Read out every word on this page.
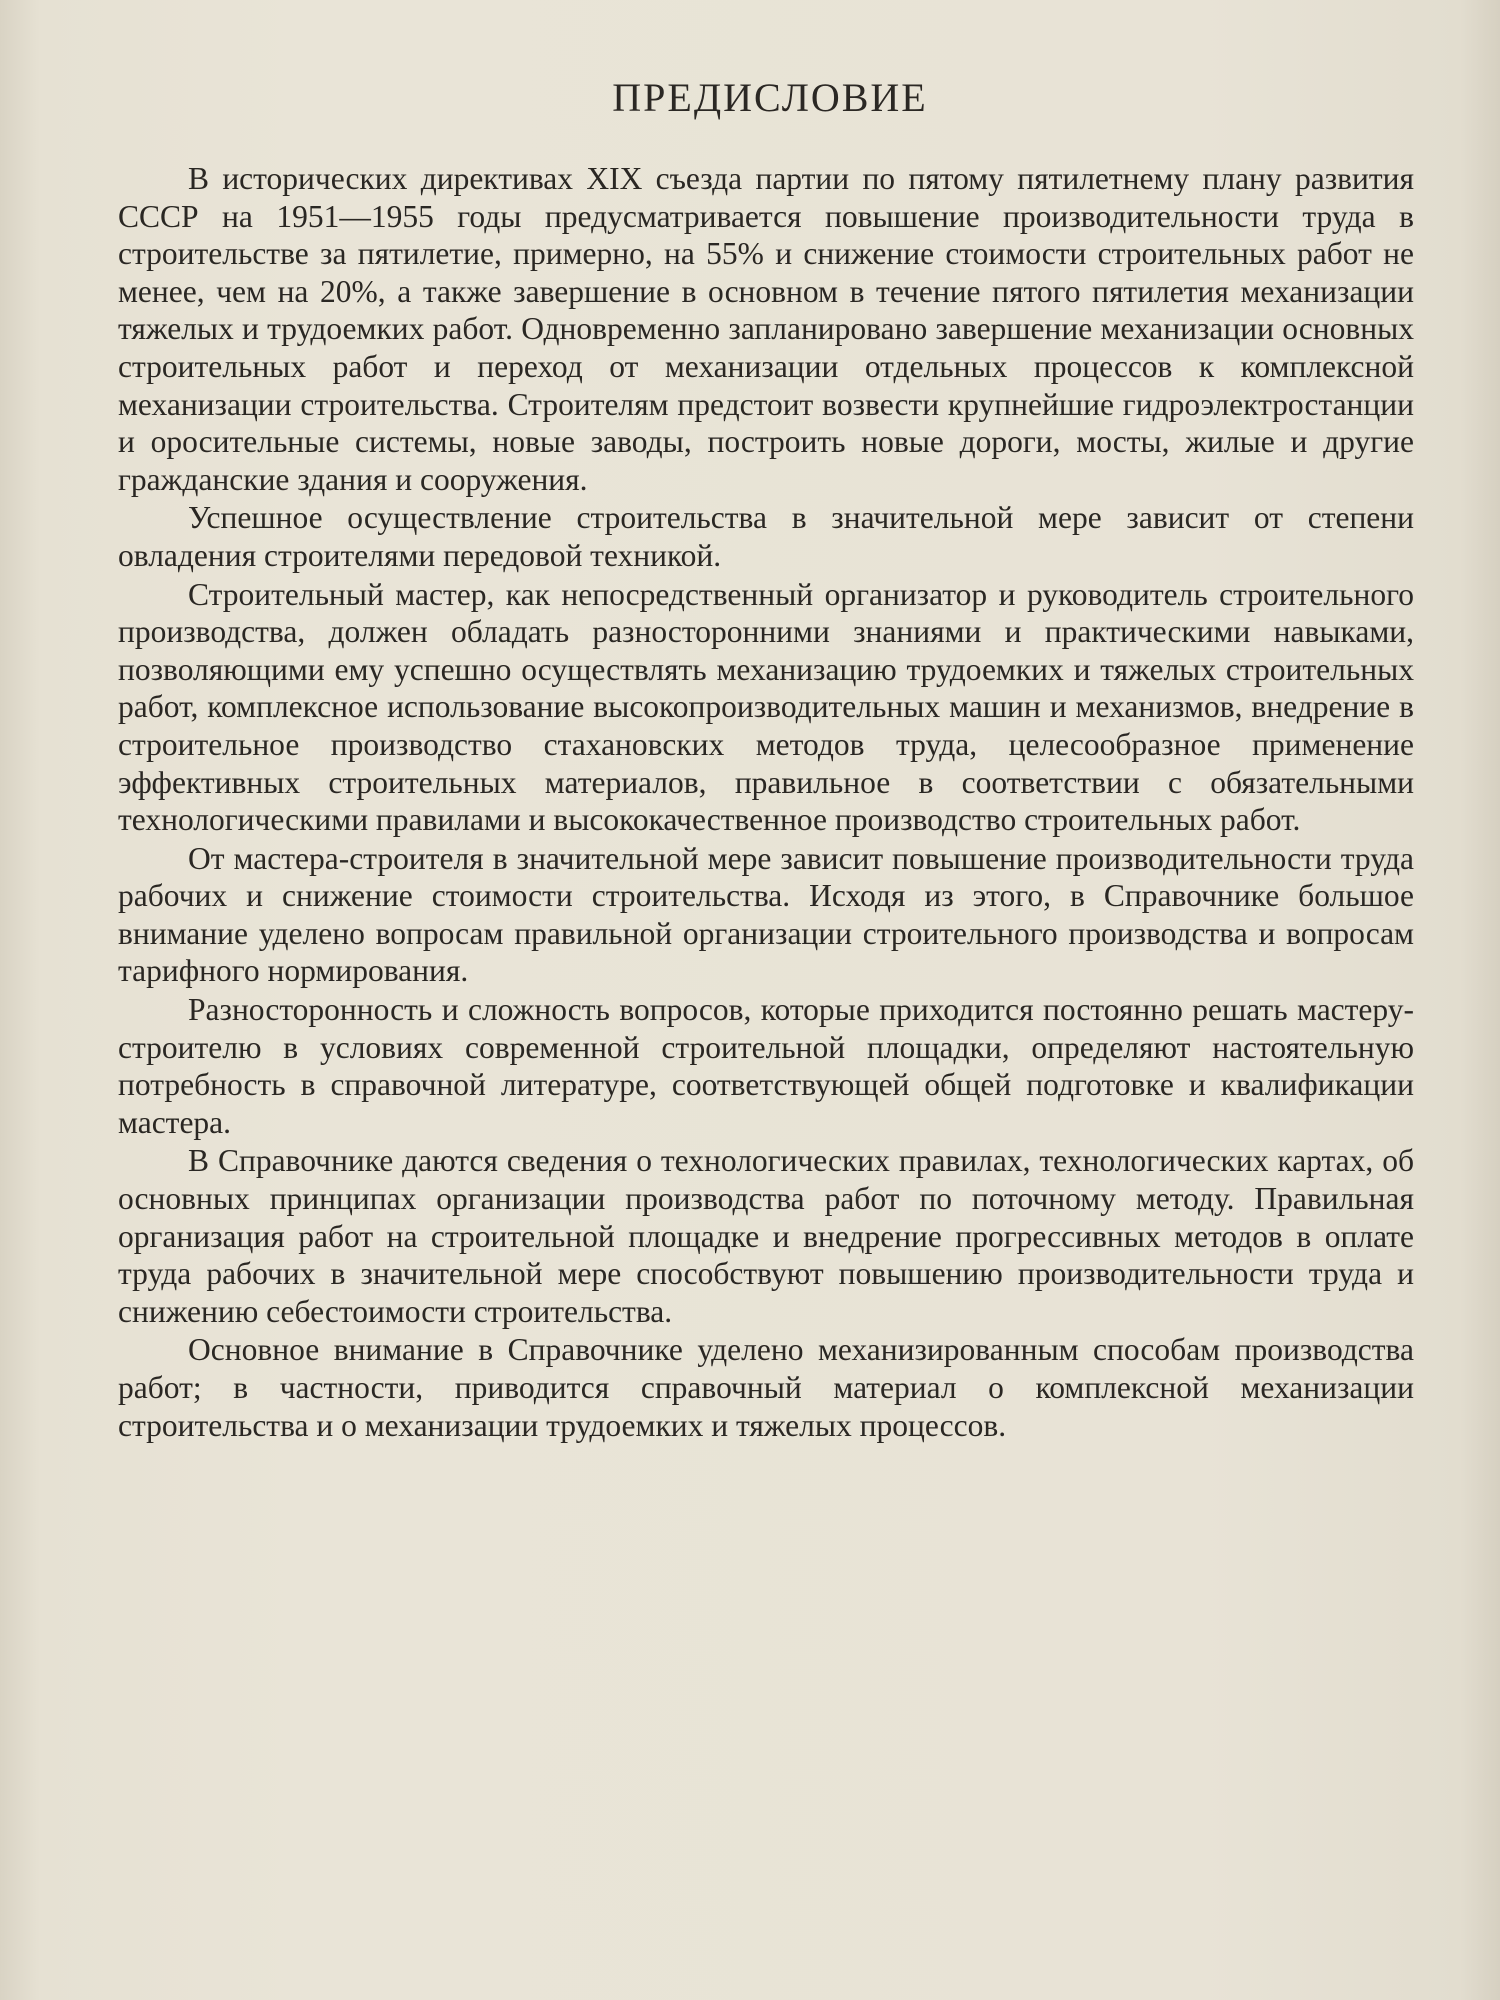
ПРЕДИСЛОВИЕ

В исторических директивах XIX съезда партии по пятому пятилетнему плану развития СССР на 1951—1955 годы предусматривается повышение производительности труда в строительстве за пятилетие, примерно, на 55% и снижение стоимости строительных работ не менее, чем на 20%, а также завершение в основном в течение пятого пятилетия механизации тяжелых и трудоемких работ. Одновременно запланировано завершение механизации основных строительных работ и переход от механизации отдельных процессов к комплексной механизации строительства. Строителям предстоит возвести крупнейшие гидроэлектростанции и оросительные системы, новые заводы, построить новые дороги, мосты, жилые и другие гражданские здания и сооружения.

Успешное осуществление строительства в значительной мере зависит от степени овладения строителями передовой техникой.

Строительный мастер, как непосредственный организатор и руководитель строительного производства, должен обладать разносторонними знаниями и практическими навыками, позволяющими ему успешно осуществлять механизацию трудоемких и тяжелых строительных работ, комплексное использование высокопроизводительных машин и механизмов, внедрение в строительное производство стахановских методов труда, целесообразное применение эффективных строительных материалов, правильное в соответствии с обязательными технологическими правилами и высококачественное производство строительных работ.

От мастера-строителя в значительной мере зависит повышение производительности труда рабочих и снижение стоимости строительства. Исходя из этого, в Справочнике большое внимание уделено вопросам правильной организации строительного производства и вопросам тарифного нормирования.

Разносторонность и сложность вопросов, которые приходится постоянно решать мастеру-строителю в условиях современной строительной площадки, определяют настоятельную потребность в справочной литературе, соответствующей общей подготовке и квалификации мастера.

В Справочнике даются сведения о технологических правилах, технологических картах, об основных принципах организации производства работ по поточному методу. Правильная организация работ на строительной площадке и внедрение прогрессивных методов в оплате труда рабочих в значительной мере способствуют повышению производительности труда и снижению себестоимости строительства.

Основное внимание в Справочнике уделено механизированным способам производства работ; в частности, приводится справочный материал о комплексной механизации строительства и о механизации трудоемких и тяжелых процессов.
